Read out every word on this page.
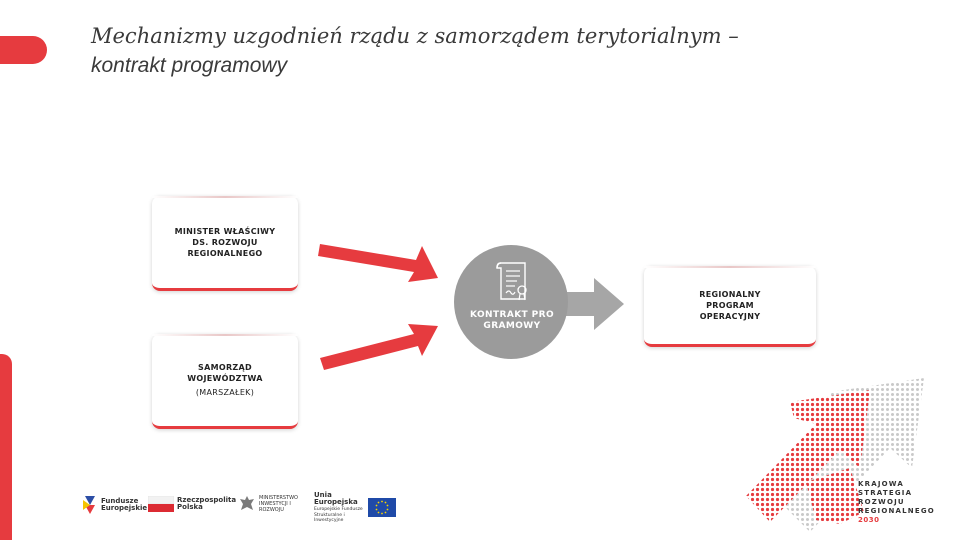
Mechanizmy uzgodnień rządu z samorządem terytorialnym –
kontrakt programowy
MINISTER WŁAŚCIWY DS. ROZWOJU REGIONALNEGO
SAMORZĄD WOJEWÓDZTWA
(MARSZAŁEK)
REGIONALNY PROGRAM OPERACYJNY
KONTRAKT PROGRAMOWY
KRAJOWA
STRATEGIA
ROZWOJU
REGIONALNEGO
2030
Fundusze Europejskie
Rzeczpospolita Polska
MINISTERSTWO INWESTYCJI I ROZWOJU
Unia Europejska
Europejskie Fundusze Strukturalne i Inwestycyjne
